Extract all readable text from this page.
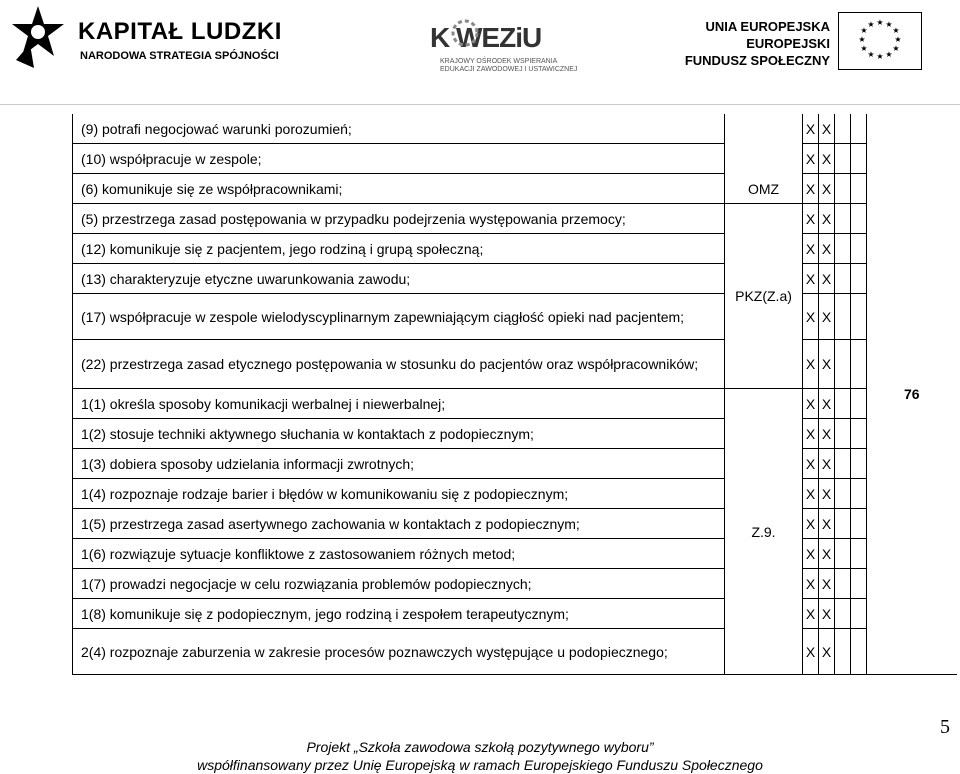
KAPITAŁ LUDZKI
NARODOWA STRATEGIA SPÓJNOŚCI
K WEZiU
KRAJOWY OŚRODEK WSPIERANIA
EDUKACJI ZAWODOWEJ I USTAWICZNEJ
UNIA EUROPEJSKA
EUROPEJSKI
FUNDUSZ SPOŁECZNY
★ ★
★
★
★
★
★
★
★
★
★
★
(9) potrafi negocjować warunki porozumień;	OMZ	X	X			76
(10) współpracuje w zespole;		X	X			
(6) komunikuje się ze współpracownikami;		X	X			
(5) przestrzega zasad postępowania w przypadku podejrzenia występowania przemocy;	PKZ(Z.a)	X	X			
(12) komunikuje się z pacjentem, jego rodziną i grupą społeczną;		X	X			
(13) charakteryzuje etyczne uwarunkowania zawodu;		X	X			
(17) współpracuje w zespole wielodyscyplinarnym zapewniającym ciągłość opieki nad pacjentem;		X	X			
(22) przestrzega zasad etycznego postępowania w stosunku do pacjentów oraz współpracowników;		X	X			
1(1) określa sposoby komunikacji werbalnej i niewerbalnej;	Z.9.	X	X			
1(2) stosuje techniki aktywnego słuchania w kontaktach z podopiecznym;		X	X			
1(3) dobiera sposoby udzielania informacji zwrotnych;		X	X			
1(4) rozpoznaje rodzaje barier i błędów w komunikowaniu się z podopiecznym;		X	X			
1(5) przestrzega zasad asertywnego zachowania w kontaktach z podopiecznym;		X	X			
1(6) rozwiązuje sytuacje konfliktowe z zastosowaniem różnych metod;		X	X			
1(7) prowadzi negocjacje w celu rozwiązania problemów podopiecznych;		X	X			
1(8) komunikuje się z podopiecznym, jego rodziną i zespołem terapeutycznym;		X	X			
2(4) rozpoznaje zaburzenia w zakresie procesów poznawczych występujące u podopiecznego;		X	X			
5
Projekt „Szkoła zawodowa szkołą pozytywnego wyboru”
współfinansowany przez Unię Europejską w ramach Europejskiego Funduszu Społecznego
